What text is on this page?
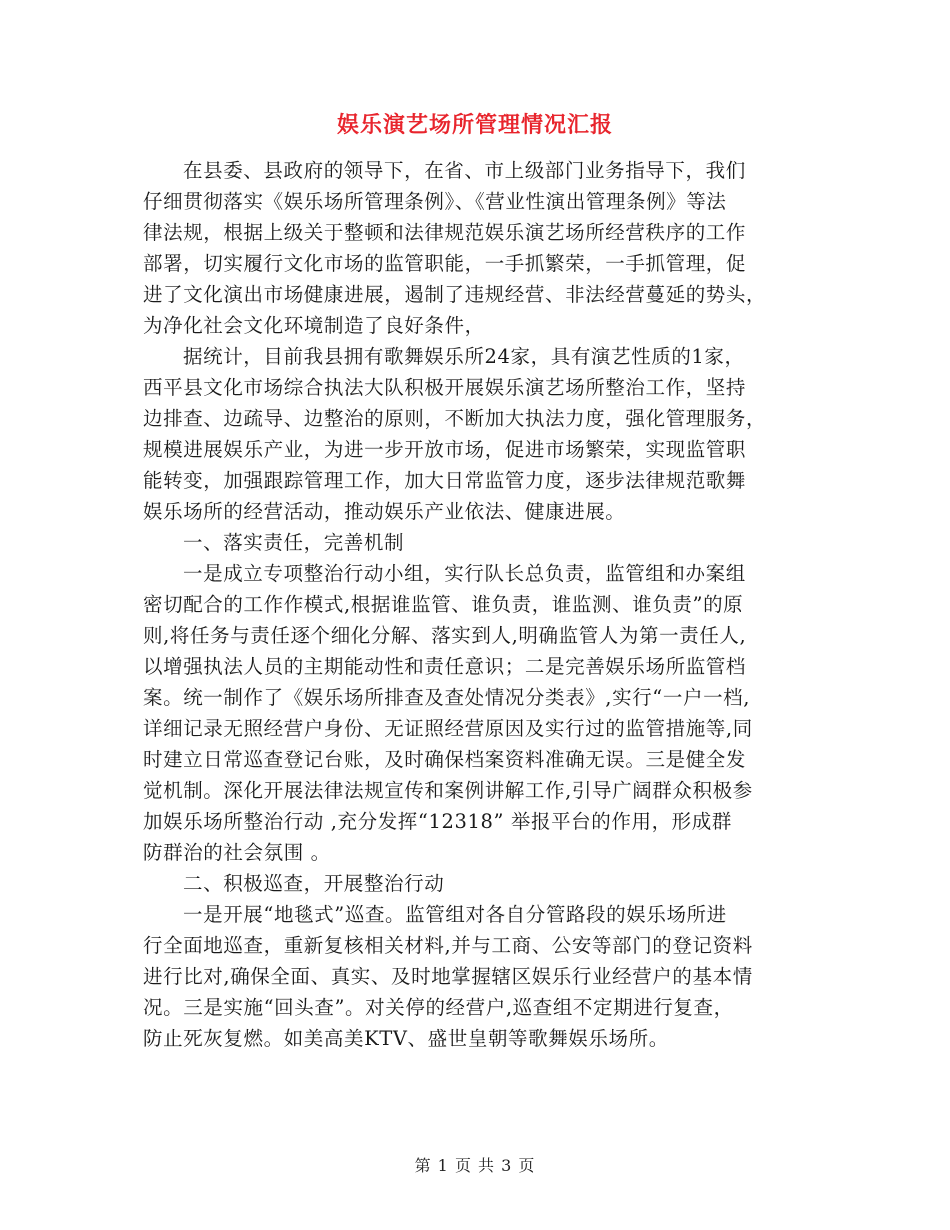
娱乐演艺场所管理情况汇报
在县委、县政府的领导下，在省、市上级部门业务指导下，我们
仔细贯彻落实《娱乐场所管理条例》、《营业性演出管理条例》等法
律法规，根据上级关于整顿和法律规范娱乐演艺场所经营秩序的工作
部署，切实履行文化市场的监管职能，一手抓繁荣，一手抓管理，促
进了文化演出市场健康进展，遏制了违规经营、非法经营蔓延的势头，
为净化社会文化环境制造了良好条件，
据统计，目前我县拥有歌舞娱乐所24家，具有演艺性质的1家，
西平县文化市场综合执法大队积极开展娱乐演艺场所整治工作，坚持
边排查、边疏导、边整治的原则，不断加大执法力度，强化管理服务，
规模进展娱乐产业，为进一步开放市场，促进市场繁荣，实现监管职
能转变，加强跟踪管理工作，加大日常监管力度，逐步法律规范歌舞
娱乐场所的经营活动，推动娱乐产业依法、健康进展。
一、落实责任，完善机制
一是成立专项整治行动小组，实行队长总负责，监管组和办案组
密切配合的工作作模式,根据谁监管、谁负责，谁监测、谁负责”的原
则,将任务与责任逐个细化分解、落实到人,明确监管人为第一责任人,
以增强执法人员的主期能动性和责任意识；二是完善娱乐场所监管档
案。统一制作了《娱乐场所排查及查处情况分类表》,实行“一户一档,
详细记录无照经营户身份、无证照经营原因及实行过的监管措施等,同
时建立日常巡查登记台账，及时确保档案资料准确无误。三是健全发
觉机制。深化开展法律法规宣传和案例讲解工作,引导广阔群众积极参
加娱乐场所整治行动 ,充分发挥“12318” 举报平台的作用，形成群
防群治的社会氛围 。
二、积极巡查，开展整治行动
一是开展“地毯式”巡查。监管组对各自分管路段的娱乐场所进
行全面地巡查，重新复核相关材料,并与工商、公安等部门的登记资料
进行比对,确保全面、真实、及时地掌握辖区娱乐行业经营户的基本情
况。三是实施“回头查”。对关停的经营户,巡查组不定期进行复查，
防止死灰复燃。如美高美KTV、盛世皇朝等歌舞娱乐场所。
第 1 页 共 3 页
